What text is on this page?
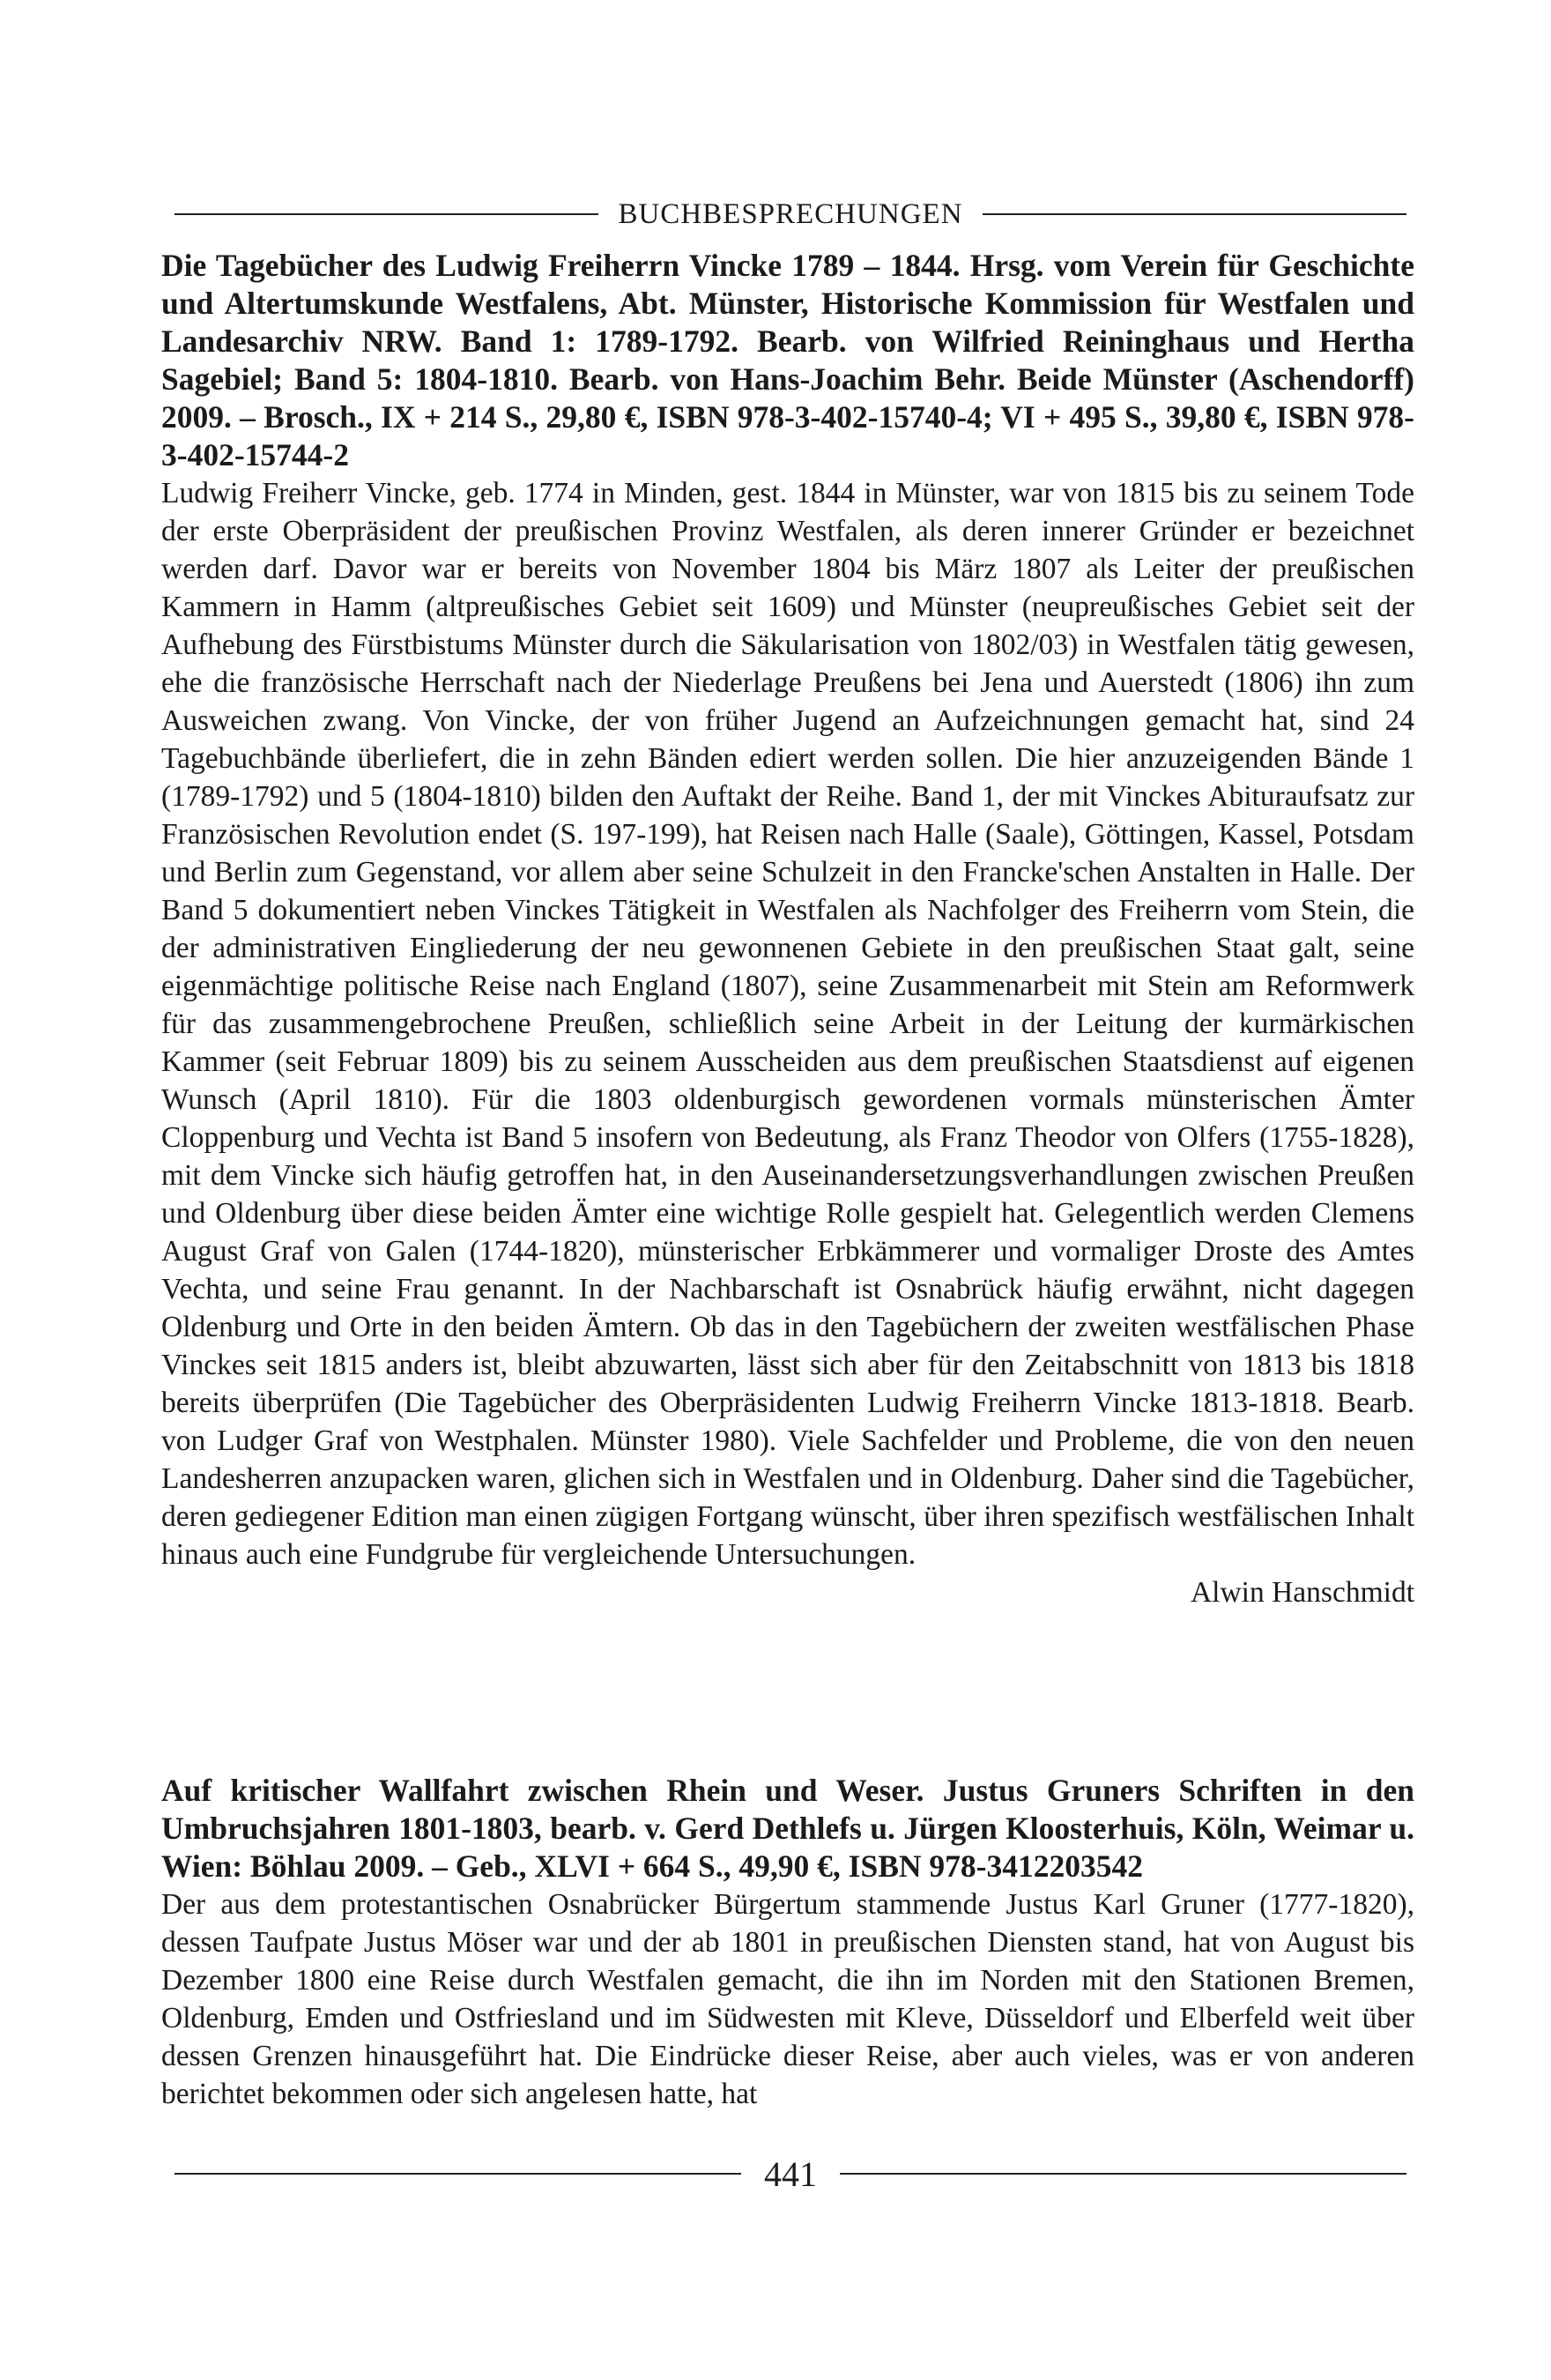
BUCHBESPRECHUNGEN
Die Tagebücher des Ludwig Freiherrn Vincke 1789 – 1844. Hrsg. vom Verein für Geschichte und Altertumskunde Westfalens, Abt. Münster, Historische Kommission für Westfalen und Landesarchiv NRW. Band 1: 1789-1792. Bearb. von Wilfried Reininghaus und Hertha Sagebiel; Band 5: 1804-1810. Bearb. von Hans-Joachim Behr. Beide Münster (Aschendorff) 2009. – Brosch., IX + 214 S., 29,80 €, ISBN 978-3-402-15740-4; VI + 495 S., 39,80 €, ISBN 978-3-402-15744-2
Ludwig Freiherr Vincke, geb. 1774 in Minden, gest. 1844 in Münster, war von 1815 bis zu seinem Tode der erste Oberpräsident der preußischen Provinz Westfalen, als deren innerer Gründer er bezeichnet werden darf. Davor war er bereits von November 1804 bis März 1807 als Leiter der preußischen Kammern in Hamm (altpreußisches Gebiet seit 1609) und Münster (neupreußisches Gebiet seit der Aufhebung des Fürstbistums Münster durch die Säkularisation von 1802/03) in Westfalen tätig gewesen, ehe die französische Herrschaft nach der Niederlage Preußens bei Jena und Auerstedt (1806) ihn zum Ausweichen zwang. Von Vincke, der von früher Jugend an Aufzeichnungen gemacht hat, sind 24 Tagebuchbände überliefert, die in zehn Bänden ediert werden sollen. Die hier anzuzeigenden Bände 1 (1789-1792) und 5 (1804-1810) bilden den Auftakt der Reihe. Band 1, der mit Vinckes Abituraufsatz zur Französischen Revolution endet (S. 197-199), hat Reisen nach Halle (Saale), Göttingen, Kassel, Potsdam und Berlin zum Gegenstand, vor allem aber seine Schulzeit in den Francke'schen Anstalten in Halle. Der Band 5 dokumentiert neben Vinckes Tätigkeit in Westfalen als Nachfolger des Freiherrn vom Stein, die der administrativen Eingliederung der neu gewonnenen Gebiete in den preußischen Staat galt, seine eigenmächtige politische Reise nach England (1807), seine Zusammenarbeit mit Stein am Reformwerk für das zusammengebrochene Preußen, schließlich seine Arbeit in der Leitung der kurmärkischen Kammer (seit Februar 1809) bis zu seinem Ausscheiden aus dem preußischen Staatsdienst auf eigenen Wunsch (April 1810). Für die 1803 oldenburgisch gewordenen vormals münsterischen Ämter Cloppenburg und Vechta ist Band 5 insofern von Bedeutung, als Franz Theodor von Olfers (1755-1828), mit dem Vincke sich häufig getroffen hat, in den Auseinandersetzungsverhandlungen zwischen Preußen und Oldenburg über diese beiden Ämter eine wichtige Rolle gespielt hat. Gelegentlich werden Clemens August Graf von Galen (1744-1820), münsterischer Erbkämmerer und vormaliger Droste des Amtes Vechta, und seine Frau genannt. In der Nachbarschaft ist Osnabrück häufig erwähnt, nicht dagegen Oldenburg und Orte in den beiden Ämtern. Ob das in den Tagebüchern der zweiten westfälischen Phase Vinckes seit 1815 anders ist, bleibt abzuwarten, lässt sich aber für den Zeitabschnitt von 1813 bis 1818 bereits überprüfen (Die Tagebücher des Oberpräsidenten Ludwig Freiherrn Vincke 1813-1818. Bearb. von Ludger Graf von Westphalen. Münster 1980). Viele Sachfelder und Probleme, die von den neuen Landesherren anzupacken waren, glichen sich in Westfalen und in Oldenburg. Daher sind die Tagebücher, deren gediegener Edition man einen zügigen Fortgang wünscht, über ihren spezifisch westfälischen Inhalt hinaus auch eine Fundgrube für vergleichende Untersuchungen.
Alwin Hanschmidt
Auf kritischer Wallfahrt zwischen Rhein und Weser. Justus Gruners Schriften in den Umbruchsjahren 1801-1803, bearb. v. Gerd Dethlefs u. Jürgen Kloosterhuis, Köln, Weimar u. Wien: Böhlau 2009. – Geb., XLVI + 664 S., 49,90 €, ISBN 978-3412203542
Der aus dem protestantischen Osnabrücker Bürgertum stammende Justus Karl Gruner (1777-1820), dessen Taufpate Justus Möser war und der ab 1801 in preußischen Diensten stand, hat von August bis Dezember 1800 eine Reise durch Westfalen gemacht, die ihn im Norden mit den Stationen Bremen, Oldenburg, Emden und Ostfriesland und im Südwesten mit Kleve, Düsseldorf und Elberfeld weit über dessen Grenzen hinausgeführt hat. Die Eindrücke dieser Reise, aber auch vieles, was er von anderen berichtet bekommen oder sich angelesen hatte, hat
441
